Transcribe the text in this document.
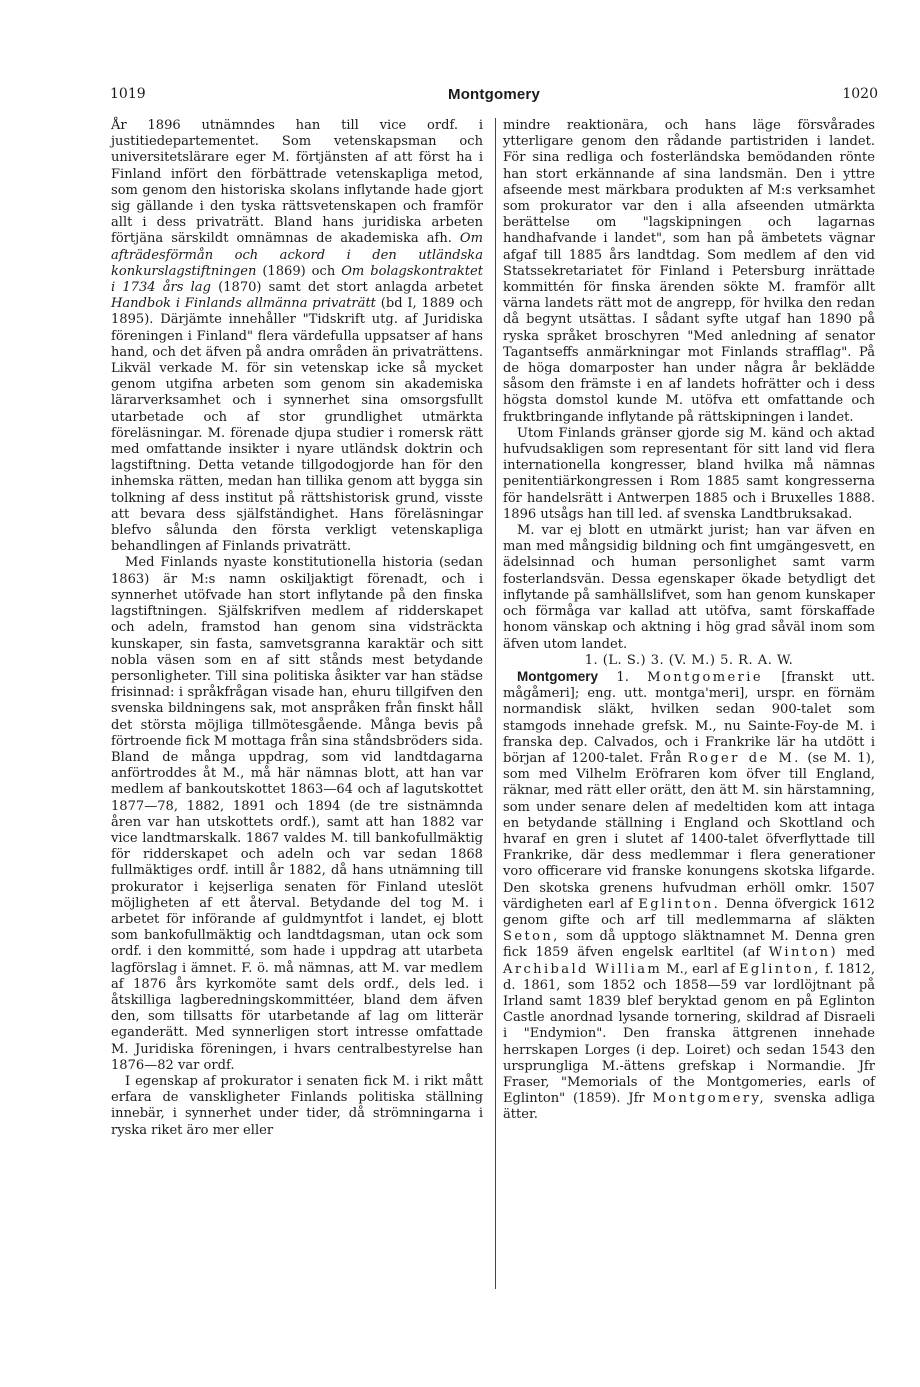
1019	Montgomery	1020

År 1896 utnämndes han till vice ordf. i justitiedepartementet. Som vetenskapsman och universitetslärare eger M. förtjänsten af att först ha i Finland infört den förbättrade vetenskapliga metod, som genom den historiska skolans inflytande hade gjort sig gällande i den tyska rättsvetenskapen och framför allt i dess privaträtt. Bland hans juridiska arbeten förtjäna särskildt omnämnas de akademiska afh. Om afträdesförmån och ackord i den utländska konkurslagstiftningen (1869) och Om bolagskontraktet i 1734 års lag (1870) samt det stort anlagda arbetet Handbok i Finlands allmänna privaträtt (bd I, 1889 och 1895). Därjämte innehåller "Tidskrift utg. af Juridiska föreningen i Finland" flera värdefulla uppsatser af hans hand, och det äfven på andra områden än privaträttens. Likväl verkade M. för sin vetenskap icke så mycket genom utgifna arbeten som genom sin akademiska lärarverksamhet och i synnerhet sina omsorgsfullt utarbetade och af stor grundlighet utmärkta föreläsningar. M. förenade djupa studier i romersk rätt med omfattande insikter i nyare utländsk doktrin och lagstiftning. Detta vetande tillgodogjorde han för den inhemska rätten, medan han tillika genom att bygga sin tolkning af dess institut på rättshistorisk grund, visste att bevara dess själfständighet. Hans föreläsningar blefvo sålunda den första verkligt vetenskapliga behandlingen af Finlands privaträtt.

Med Finlands nyaste konstitutionella historia (sedan 1863) är M:s namn oskiljaktigt förenadt, och i synnerhet utöfvade han stort inflytande på den finska lagstiftningen. Själfskrifven medlem af ridderskapet och adeln, framstod han genom sina vidsträckta kunskaper, sin fasta, samvetsgranna karaktär och sitt nobla väsen som en af sitt stånds mest betydande personligheter. Till sina politiska åsikter var han städse frisinnad: i språkfrågan visade han, ehuru tillgifven den svenska bildningens sak, mot anspråken från finskt håll det största möjliga tillmötesgående. Många bevis på förtroende fick M mottaga från sina ståndsbröders sida. Bland de många uppdrag, som vid landtdagarna anförtroddes åt M., må här nämnas blott, att han var medlem af bankoutskottet 1863—64 och af lagutskottet 1877—78, 1882, 1891 och 1894 (de tre sistnämnda åren var han utskottets ordf.), samt att han 1882 var vice landtmarskalk. 1867 valdes M. till bankofullmäktig för ridderskapet och adeln och var sedan 1868 fullmäktiges ordf. intill år 1882, då hans utnämning till prokurator i kejserliga senaten för Finland uteslöt möjligheten af ett återval. Betydande del tog M. i arbetet för införande af guldmyntfot i landet, ej blott som bankofullmäktig och landtdagsman, utan ock som ordf. i den kommitté, som hade i uppdrag att utarbeta lagförslag i ämnet. F. ö. må nämnas, att M. var medlem af 1876 års kyrkomöte samt dels ordf., dels led. i åtskilliga lagberedningskommittéer, bland dem äfven den, som tillsatts för utarbetande af lag om litterär eganderätt. Med synnerligen stort intresse omfattade M. Juridiska föreningen, i hvars centralbestyrelse han 1876—82 var ordf.

I egenskap af prokurator i senaten fick M. i rikt mått erfara de vanskligheter Finlands politiska ställning innebär, i synnerhet under tider, då strömningarna i ryska riket äro mer eller

mindre reaktionära, och hans läge försvårades ytterligare genom den rådande partistriden i landet. För sina redliga och fosterländska bemödanden rönte han stort erkännande af sina landsmän. Den i yttre afseende mest märkbara produkten af M:s verksamhet som prokurator var den i alla afseenden utmärkta berättelse om "lagskipningen och lagarnas handhafvande i landet", som han på ämbetets vägnar afgaf till 1885 års landtdag. Som medlem af den vid Statssekretariatet för Finland i Petersburg inrättade kommittén för finska ärenden sökte M. framför allt värna landets rätt mot de angrepp, för hvilka den redan då begynt utsättas. I sådant syfte utgaf han 1890 på ryska språket broschyren "Med anledning af senator Tagantseffs anmärkningar mot Finlands strafflag". På de höga domarposter han under några år beklädde såsom den främste i en af landets hofrätter och i dess högsta domstol kunde M. utöfva ett omfattande och fruktbringande inflytande på rättskipningen i landet.

Utom Finlands gränser gjorde sig M. känd och aktad hufvudsakligen som representant för sitt land vid flera internationella kongresser, bland hvilka må nämnas penitentiärkongressen i Rom 1885 samt kongresserna för handelsrätt i Antwerpen 1885 och i Bruxelles 1888. 1896 utsågs han till led. af svenska Landtbruksakad.

M. var ej blott en utmärkt jurist; han var äfven en man med mångsidig bildning och fint umgängesvett, en ädelsinnad och human personlighet samt varm fosterlandsvän. Dessa egenskaper ökade betydligt det inflytande på samhällslifvet, som han genom kunskaper och förmåga var kallad att utöfva, samt förskaffade honom vänskap och aktning i hög grad såväl inom som äfven utom landet.

1. (L. S.) 3. (V. M.) 5. R. A. W.

Montgomery 1. Montgomerie [franskt utt. mågåmeri]; eng. utt. montga'meri], urspr. en förnäm normandisk släkt, hvilken sedan 900-talet som stamgods innehade grefsk. M., nu Sainte-Foy-de M. i franska dep. Calvados, och i Frankrike lär ha utdött i början af 1200-talet. Från Roger de M. (se M. 1), som med Vilhelm Eröfraren kom öfver till England, räknar, med rätt eller orätt, den ätt M. sin härstamning, som under senare delen af medeltiden kom att intaga en betydande ställning i England och Skottland och hvaraf en gren i slutet af 1400-talet öfverflyttade till Frankrike, där dess medlemmar i flera generationer voro officerare vid franske konungens skotska lifgarde. Den skotska grenens hufvudman erhöll omkr. 1507 värdigheten earl af Eglinton. Denna öfvergick 1612 genom gifte och arf till medlemmarna af släkten Seton, som då upptogo släktnamnet M. Denna gren fick 1859 äfven engelsk earltitel (af Winton) med Archibald William M., earl af Eglinton, f. 1812, d. 1861, som 1852 och 1858—59 var lordlöjtnant på Irland samt 1839 blef beryktad genom en på Eglinton Castle anordnad lysande tornering, skildrad af Disraeli i "Endymion". Den franska ättgrenen innehade herrskapen Lorges (i dep. Loiret) och sedan 1543 den ursprungliga M.-ättens grefskap i Normandie. Jfr Fraser, "Memorials of the Montgomeries, earls of Eglinton" (1859). Jfr Montgomery, svenska adliga ätter.
